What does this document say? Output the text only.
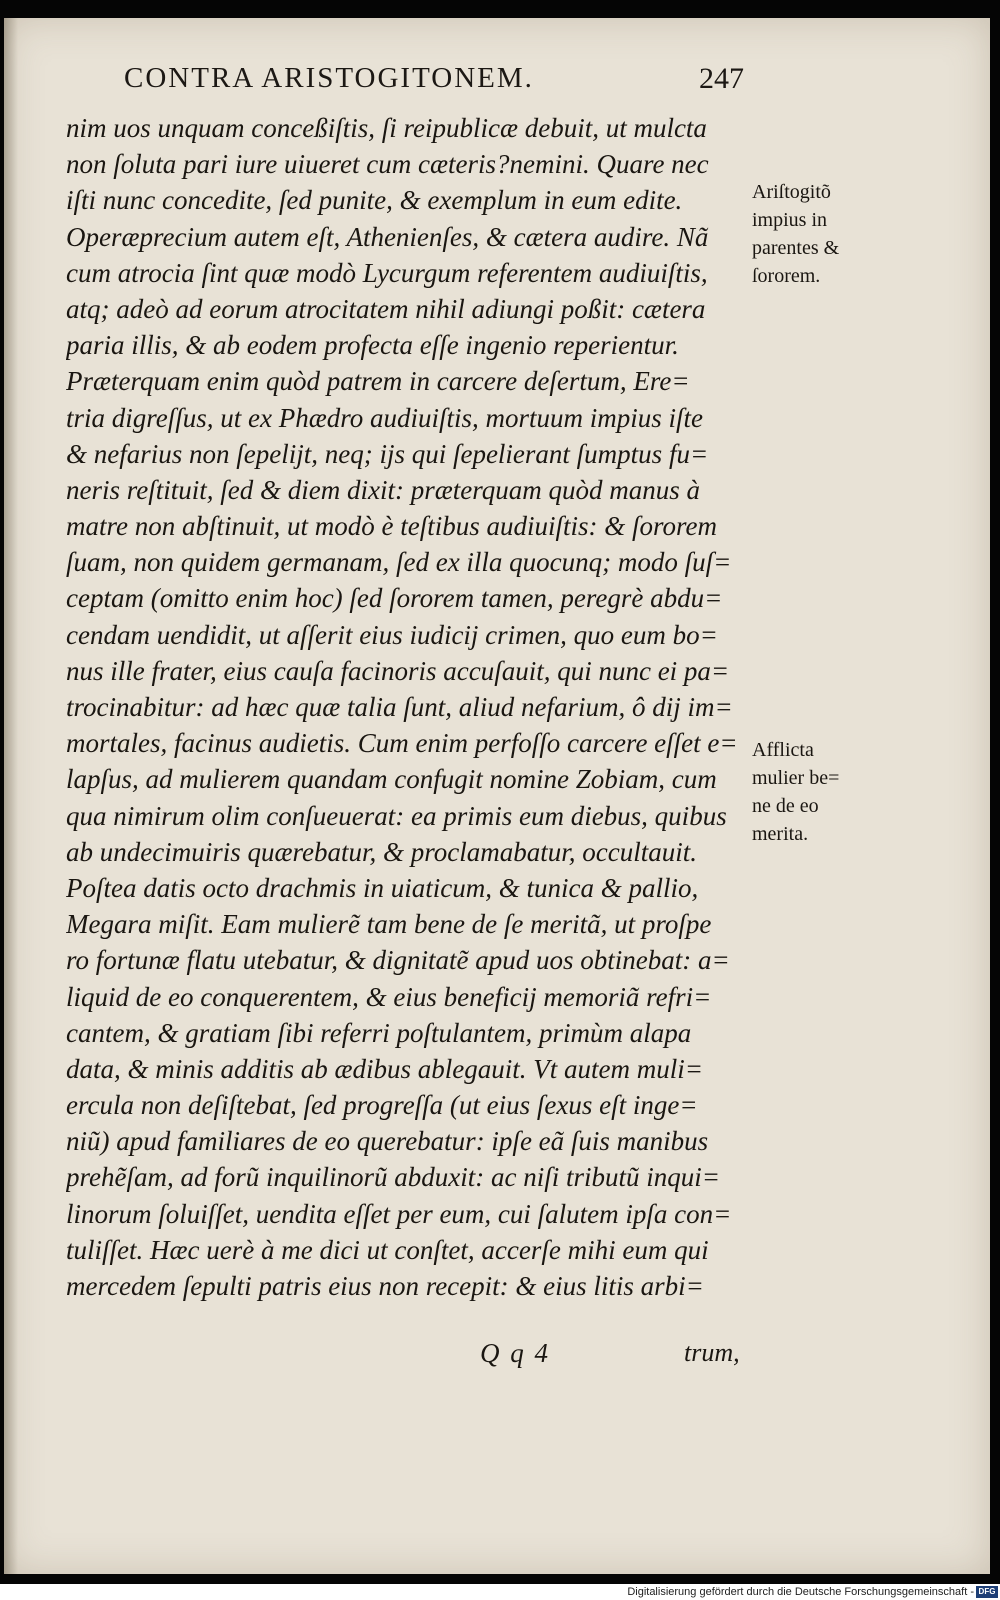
CONTRA ARISTOGITONEM.	247
nim uos unquam conceßiſtis, ſi reipublicæ debuit, ut mulcta
non ſoluta pari iure uiueret cum cæteris?nemini. Quare nec
iſti nunc concedite, ſed punite, & exemplum in eum edite.
Operæprecium autem eſt, Athenienſes, & cætera audire. Nã
cum atrocia ſint quæ modò Lycurgum referentem audiuiſtis,
atq; adeò ad eorum atrocitatem nihil adiungi poßit: cætera
paria illis, & ab eodem profecta eſſe ingenio reperientur.
Præterquam enim quòd patrem in carcere deſertum, Ere=
tria digreſſus, ut ex Phædro audiuiſtis, mortuum impius iſte
& nefarius non ſepelijt, neq; ijs qui ſepelierant ſumptus fu=
neris reſtituit, ſed & diem dixit: præterquam quòd manus à
matre non abſtinuit, ut modò è teſtibus audiuiſtis: & ſororem
ſuam, non quidem germanam, ſed ex illa quocunq; modo ſuſ=
ceptam (omitto enim hoc) ſed ſororem tamen, peregrè abdu=
cendam uendidit, ut aſſerit eius iudicij crimen, quo eum bo=
nus ille frater, eius cauſa facinoris accuſauit, qui nunc ei pa=
trocinabitur: ad hæc quæ talia ſunt, aliud nefarium, ô dij im=
mortales, facinus audietis. Cum enim perfoſſo carcere eſſet e=
lapſus, ad mulierem quandam confugit nomine Zobiam, cum
qua nimirum olim conſueuerat: ea primis eum diebus, quibus
ab undecimuiris quærebatur, & proclamabatur, occultauit.
Poſtea datis octo drachmis in uiaticum, & tunica & pallio,
Megara miſit. Eam mulierẽ tam bene de ſe meritã, ut proſpe
ro fortunæ flatu utebatur, & dignitatẽ apud uos obtinebat: a=
liquid de eo conquerentem, & eius beneficij memoriã refri=
cantem, & gratiam ſibi referri poſtulantem, primùm alapa
data, & minis additis ab ædibus ablegauit. Vt autem muli=
ercula non deſiſtebat, ſed progreſſa (ut eius ſexus eſt inge=
niũ) apud familiares de eo querebatur: ipſe eã ſuis manibus
prehẽſam, ad forũ inquilinorũ abduxit: ac niſi tributũ inqui=
linorum ſoluiſſet, uendita eſſet per eum, cui ſalutem ipſa con=
tuliſſet. Hæc uerè à me dici ut conſtet, accerſe mihi eum qui
mercedem ſepulti patris eius non recepit: & eius litis arbi=
Ariſtogitõ
impius in
parentes &
ſororem.
Afflicta
mulier be=
ne de eo
merita.
Q q 4	trum,
Digitalisierung gefördert durch die Deutsche Forschungsgemeinschaft - DFG
